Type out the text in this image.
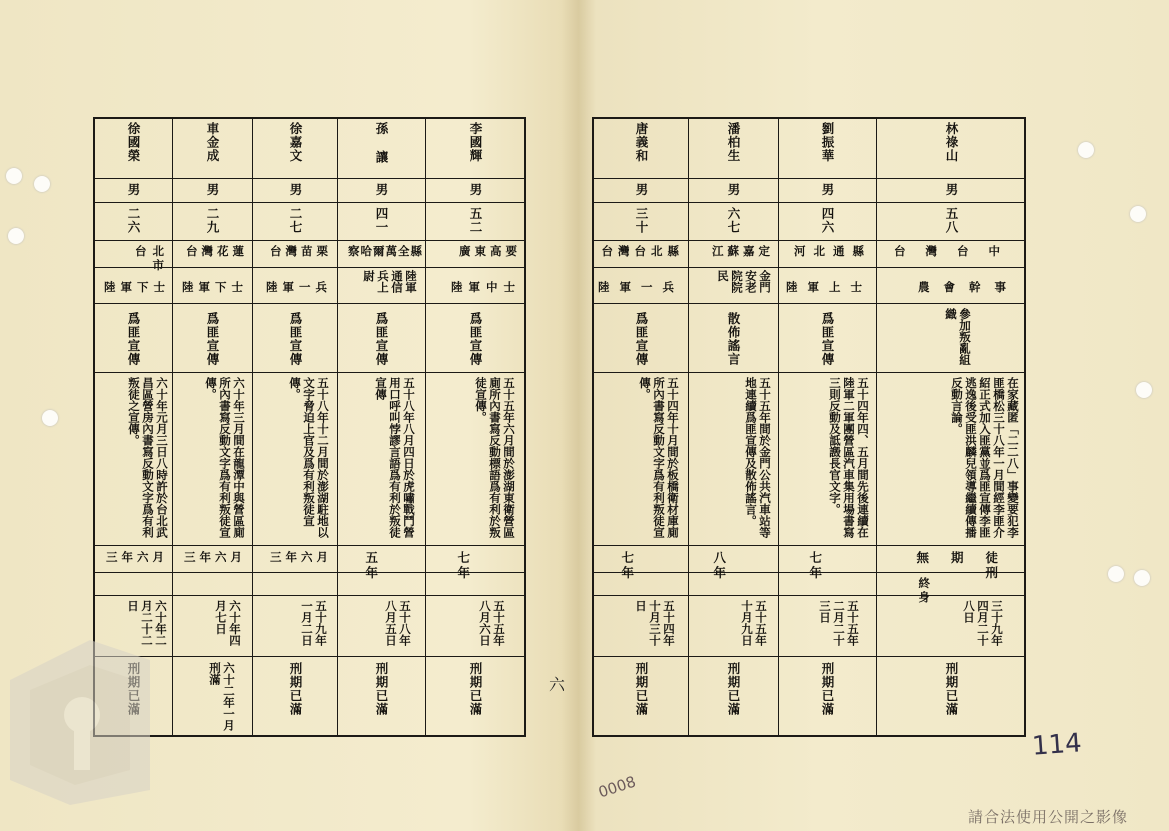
徐國榮
男
二六
台北市
陸軍下士
爲匪宣傳
六十年元月三日八時許於台北武昌區營房內書寫反動文字爲有利叛徒之宣傳。
三年六月
六十年二月二十二日
車金成
男
二九
台灣花蓮
陸軍下士
爲匪宣傳
六十年三月間在龍潭中與營區廁所內書寫反動文字爲有利叛徒宣傳。
三年六月
六十年四月七日
六十二年一月刑滿
徐嘉文
男
二七
台灣苗栗
陸軍一兵
爲匪宣傳
五十八年十二月間於澎湖駐地以文字脅迫上官及爲有利叛徒宣傳。
三年六月
五十九年一月二日
刑期已滿
孫讓
男
四一
察哈爾萬全縣
陸軍通信兵上尉
爲匪宣傳
五十八年八月四日於虎嘯戰鬥營用口呼叫悖謬言語爲有利於叛徒宣傳
五年
五十八年八月五日
刑期已滿
李國輝
男
五二
廣東高要
陸軍中士
爲匪宣傳
五十五年六月間於澎湖東衛營區廁所內書寫反動標語爲有利於叛徒宣傳。
七年
五十五年八月六日
刑期已滿
唐義和
男
三十
台灣台北縣
陸軍一兵
爲匪宣傳
五十四年十月間於板橋衛材庫廁所內書寫反動文字爲有利叛徒宣傳。
七年
五十四年十月三十日
刑期已滿
潘柏生
男
六七
江蘇嘉定
金門安老院院民
散佈謠言
五十五年間於金門公共汽車站等地連續爲匪宣傳及散佈謠言。
八年
五十五年十月九日
刑期已滿
劉振華
男
四六
河北通縣
陸軍上士
爲匪宣傳
五十四年四、五月間先後連續在陸軍二軍團營區汽車集用場書寫三則反動及詆譭長官文字。
七年
五十五年二月二十三日
刑期已滿
林祿山
男
五八
台灣台中
農會幹事
參加叛亂組織
在家藏匿「二二八」事變要犯李匪橋松三十八年一月間經李匪介紹正式加入匪黨並爲匪宣傳李匪逃逸後受匪洪麟兒領導繼續傳播反動言論。
無期徒刑
終身
三十九年四月二十八日
刑期已滿
六
114
0008
請合法使用公開之影像
